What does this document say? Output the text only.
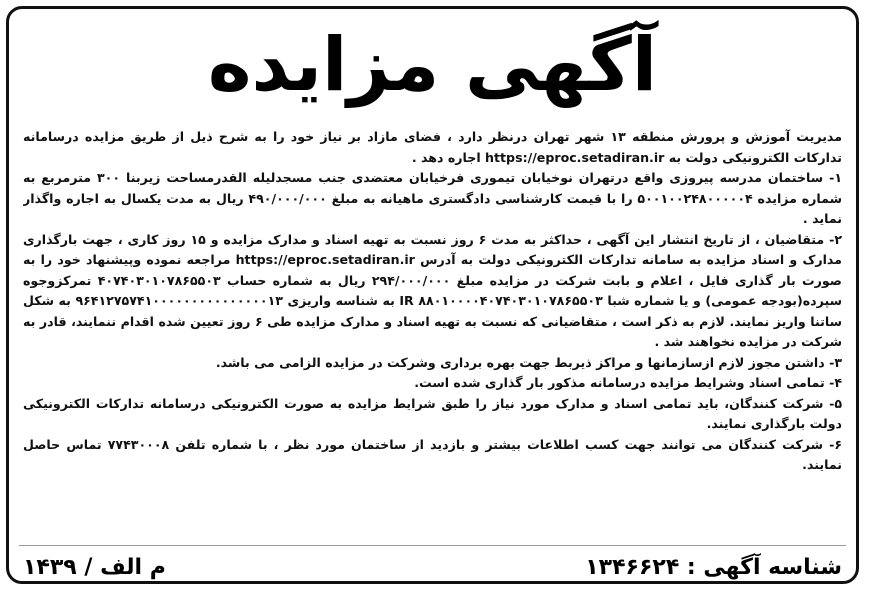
آگهی مزایده

مدیریت آموزش و پرورش منطقه ۱۳ شهر تهران درنظر دارد ، فضای مازاد بر نیاز خود را به شرح ذیل از طریق مزایده درسامانه تدارکات الکترونیکی دولت به https://eproc.setadiran.ir اجاره دهد .

۱- ساختمان مدرسه پیروزی واقع درتهران نوخیابان تیموری فرخیابان معتضدی جنب مسجدلیله القدرمساحت زیربنا ۳۰۰ مترمربع به شماره مزایده ۵۰۰۱۰۰۲۴۸۰۰۰۰۰۴ را با قیمت کارشناسی دادگستری ماهیانه به مبلغ ۴۹۰/۰۰۰/۰۰۰ ریال به مدت یکسال به اجاره واگذار نماید .

۲- متقاضیان ، از تاریخ انتشار این آگهی ، حداکثر به مدت ۶ روز نسبت به تهیه اسناد و مدارک مزایده و ۱۵ روز کاری ، جهت بارگذاری مدارک و اسناد مزایده به سامانه تدارکات الکترونیکی دولت به آدرس https://eproc.setadiran.ir مراجعه نموده وپیشنهاد خود را به صورت بار گذاری فایل ، اعلام و بابت شرکت در مزایده مبلغ ۲۹۴/۰۰۰/۰۰۰ ریال به شماره حساب ۴۰۷۴۰۳۰۱۰۷۸۶۵۵۰۳ تمرکزوجوه سپرده(بودجه عمومی) و یا شماره شبا IR ۸۸۰۱۰۰۰۰۴۰۷۴۰۳۰۱۰۷۸۶۵۵۰۳ به شناسه واریزی ۹۶۴۱۲۷۵۷۴۱۰۰۰۰۰۰۰۰۰۰۰۰۰۰۰۱۳ به شکل ساتنا واریز نمایند. لازم به ذکر است ، متقاضیانی که نسبت به تهیه اسناد و مدارک مزایده طی ۶ روز تعیین شده اقدام ننمایند، قادر به شرکت در مزایده نخواهند شد .

۳- داشتن مجوز لازم ازسازمانها و مراکز ذیربط جهت بهره برداری وشرکت در مزایده الزامی می باشد.

۴- تمامی اسناد وشرایط مزایده درسامانه مذکور بار گذاری شده است.

۵- شرکت کنندگان، باید تمامی اسناد و مدارک مورد نیاز را طبق شرایط مزایده به صورت الکترونیکی درسامانه تدارکات الکترونیکی دولت بارگذاری نمایند.

۶- شرکت کنندگان می توانند جهت کسب اطلاعات بیشتر و بازدید از ساختمان مورد نظر ، با شماره تلفن ۷۷۴۳۰۰۰۸ تماس حاصل نمایند.

شناسه آگهی : ۱۳۴۶۶۲۴
م الف / ۱۴۳۹
